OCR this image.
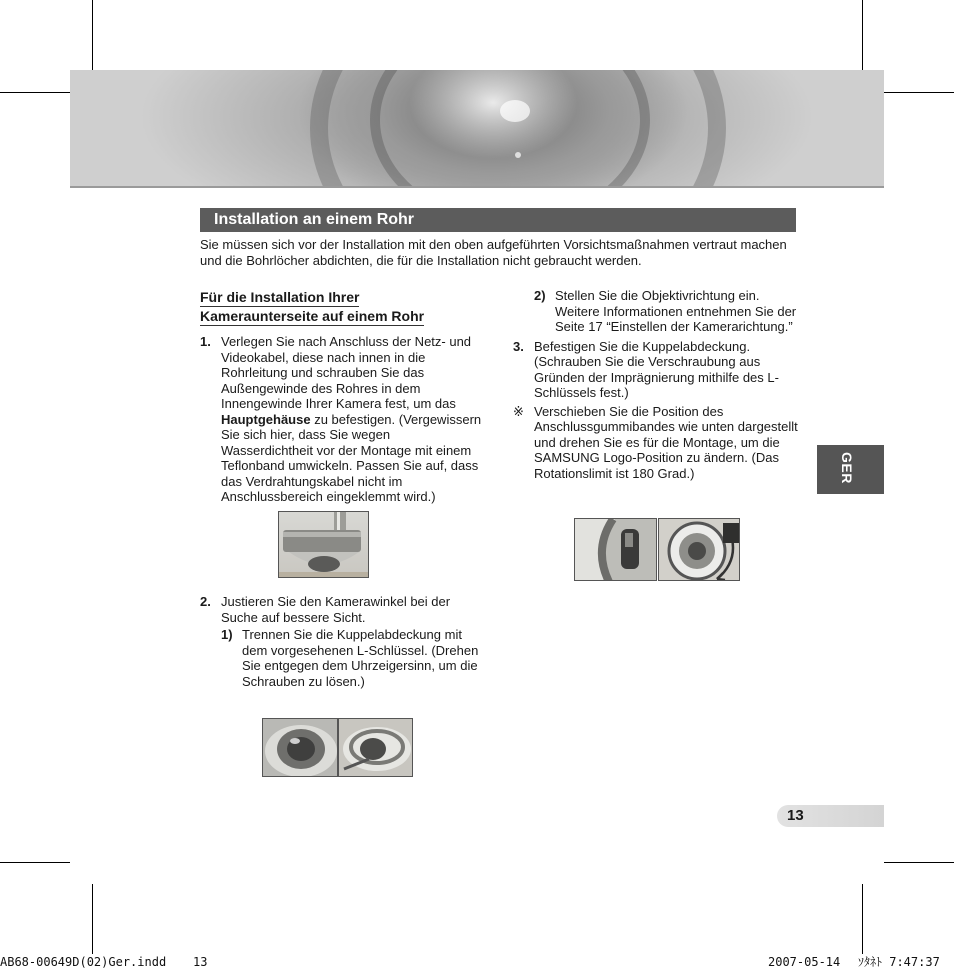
Installation an einem Rohr
Sie müssen sich vor der Installation mit den oben aufgeführten Vorsichtsmaßnahmen vertraut machen und die Bohrlöcher abdichten, die für die Installation nicht gebraucht werden.
Für die Installation Ihrer
Kameraunterseite auf einem Rohr
1. Verlegen Sie nach Anschluss der Netz- und Videokabel, diese nach innen in die Rohrleitung und schrauben Sie das Außengewinde des Rohres in dem Innengewinde Ihrer Kamera fest, um das Hauptgehäuse zu befestigen. (Vergewissern Sie sich hier, dass Sie wegen Wasserdichtheit vor der Montage mit einem Teflonband umwickeln. Passen Sie auf, dass das Verdrahtungskabel nicht im Anschlussbereich eingeklemmt wird.)
2. Justieren Sie den Kamerawinkel bei der Suche auf bessere Sicht.
1) Trennen Sie die Kuppelabdeckung mit dem vorgesehenen L-Schlüssel. (Drehen Sie entgegen dem Uhrzeigersinn, um die Schrauben zu lösen.)
2) Stellen Sie die Objektivrichtung ein. Weitere Informationen entnehmen Sie der Seite 17 “Einstellen der Kamerarichtung.”
3. Befestigen Sie die Kuppelabdeckung. (Schrauben Sie die Verschraubung aus Gründen der Imprägnierung mithilfe des L-Schlüssels fest.)
※ Verschieben Sie die Position des Anschlussgummibandes wie unten dargestellt und drehen Sie es für die Montage, um die SAMSUNG Logo-Position zu ändern. (Das Rotationslimit ist 180 Grad.)	GER
13
AB68-00649D(02)Ger.indd 13	2007-05-14 ｿﾀﾈﾄ 7:47:37
